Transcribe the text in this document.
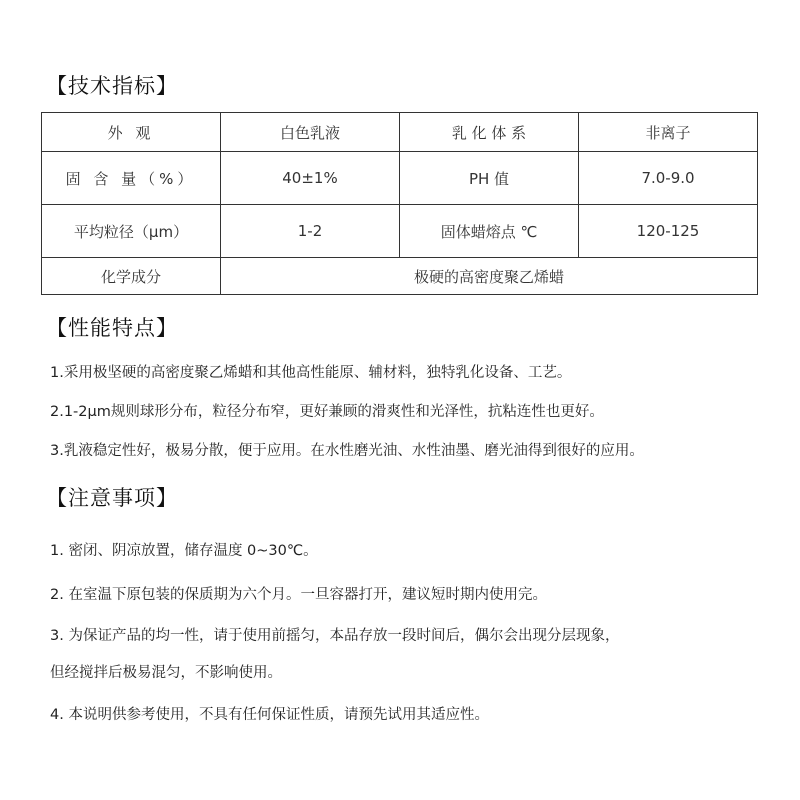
【技术指标】
外 观	白色乳液	乳 化 体 系	非离子
固 含 量（%）	40±1%	PH 值	7.0-9.0
平均粒径（μm）	1-2	固体蜡熔点 ℃	120-125
化学成分	极硬的高密度聚乙烯蜡		
【性能特点】

1.采用极坚硬的高密度聚乙烯蜡和其他高性能原、辅材料，独特乳化设备、工艺。

2.1-2μm规则球形分布，粒径分布窄，更好兼顾的滑爽性和光泽性，抗粘连性也更好。

3.乳液稳定性好，极易分散，便于应用。在水性磨光油、水性油墨、磨光油得到很好的应用。

【注意事项】

1. 密闭、阴凉放置，储存温度 0~30℃。

2. 在室温下原包装的保质期为六个月。一旦容器打开，建议短时期内使用完。

3. 为保证产品的均一性，请于使用前摇匀，本品存放一段时间后，偶尔会出现分层现象，

但经搅拌后极易混匀，不影响使用。

4. 本说明供参考使用，不具有任何保证性质，请预先试用其适应性。
